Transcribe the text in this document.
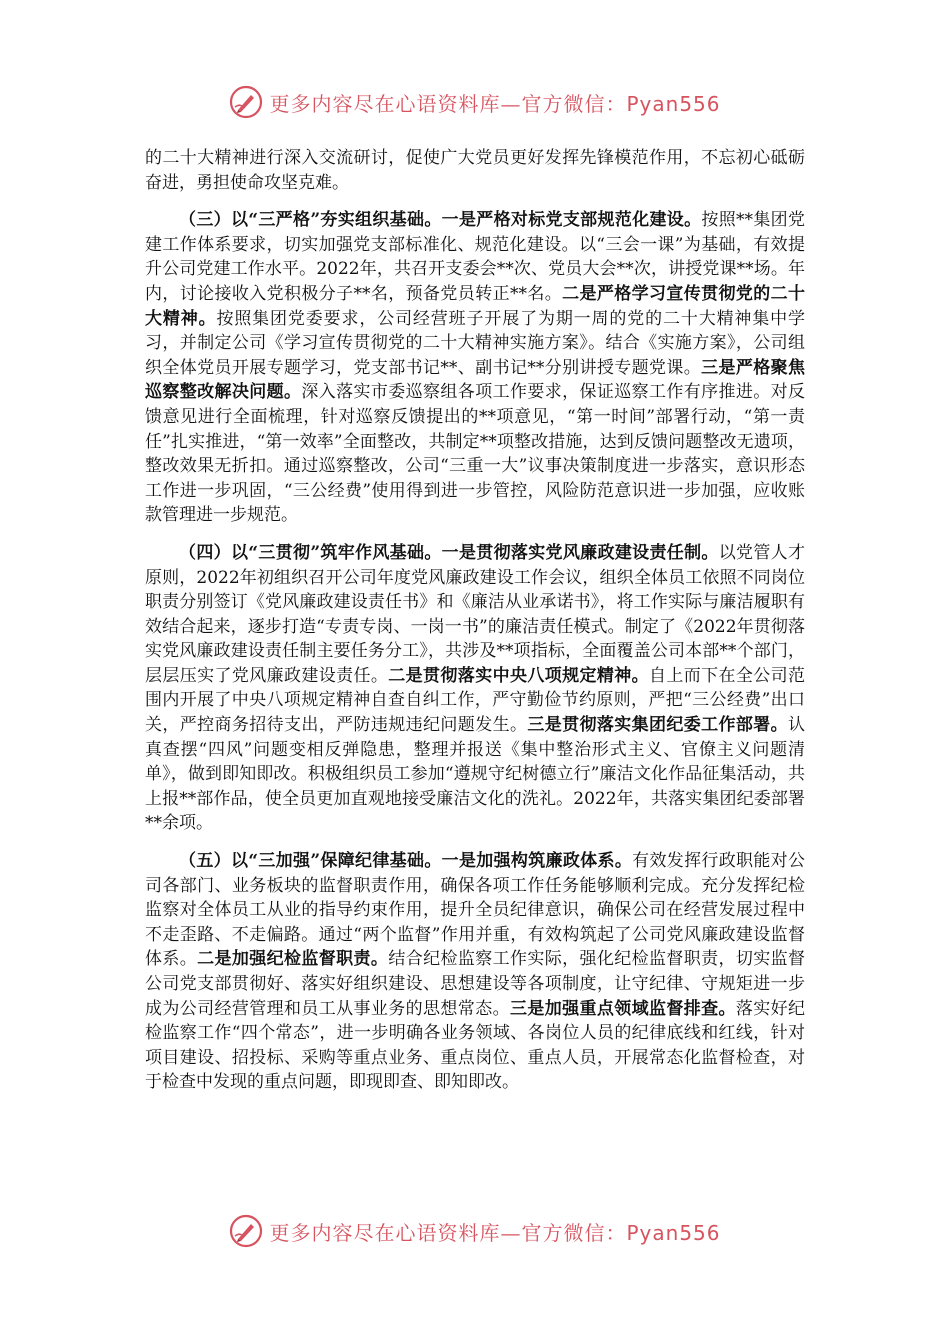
更多内容尽在心语资料库—官方微信：Pyan556

的二十大精神进行深入交流研讨，促使广大党员更好发挥先锋模范作用，不忘初心砥砺奋进，勇担使命攻坚克难。

（三）以“三严格”夯实组织基础。一是严格对标党支部规范化建设。按照**集团党建工作体系要求，切实加强党支部标准化、规范化建设。以“三会一课”为基础，有效提升公司党建工作水平。2022年，共召开支委会**次、党员大会**次，讲授党课**场。年内，讨论接收入党积极分子**名，预备党员转正**名。二是严格学习宣传贯彻党的二十大精神。按照集团党委要求，公司经营班子开展了为期一周的党的二十大精神集中学习，并制定公司《学习宣传贯彻党的二十大精神实施方案》。结合《实施方案》，公司组织全体党员开展专题学习，党支部书记**、副书记**分别讲授专题党课。三是严格聚焦巡察整改解决问题。深入落实市委巡察组各项工作要求，保证巡察工作有序推进。对反馈意见进行全面梳理，针对巡察反馈提出的**项意见，“第一时间”部署行动，“第一责任”扎实推进，“第一效率”全面整改，共制定**项整改措施，达到反馈问题整改无遗项，整改效果无折扣。通过巡察整改，公司“三重一大”议事决策制度进一步落实，意识形态工作进一步巩固，“三公经费”使用得到进一步管控，风险防范意识进一步加强，应收账款管理进一步规范。

（四）以“三贯彻”筑牢作风基础。一是贯彻落实党风廉政建设责任制。以党管人才原则，2022年初组织召开公司年度党风廉政建设工作会议，组织全体员工依照不同岗位职责分别签订《党风廉政建设责任书》和《廉洁从业承诺书》，将工作实际与廉洁履职有效结合起来，逐步打造“专责专岗、一岗一书”的廉洁责任模式。制定了《2022年贯彻落实党风廉政建设责任制主要任务分工》，共涉及**项指标，全面覆盖公司本部**个部门，层层压实了党风廉政建设责任。二是贯彻落实中央八项规定精神。自上而下在全公司范围内开展了中央八项规定精神自查自纠工作，严守勤俭节约原则，严把“三公经费”出口关，严控商务招待支出，严防违规违纪问题发生。三是贯彻落实集团纪委工作部署。认真查摆“四风”问题变相反弹隐患，整理并报送《集中整治形式主义、官僚主义问题清单》，做到即知即改。积极组织员工参加“遵规守纪树德立行”廉洁文化作品征集活动，共上报**部作品，使全员更加直观地接受廉洁文化的洗礼。2022年，共落实集团纪委部署**余项。

（五）以“三加强”保障纪律基础。一是加强构筑廉政体系。有效发挥行政职能对公司各部门、业务板块的监督职责作用，确保各项工作任务能够顺利完成。充分发挥纪检监察对全体员工从业的指导约束作用，提升全员纪律意识，确保公司在经营发展过程中不走歪路、不走偏路。通过“两个监督”作用并重，有效构筑起了公司党风廉政建设监督体系。二是加强纪检监督职责。结合纪检监察工作实际，强化纪检监督职责，切实监督公司党支部贯彻好、落实好组织建设、思想建设等各项制度，让守纪律、守规矩进一步成为公司经营管理和员工从事业务的思想常态。三是加强重点领域监督排查。落实好纪检监察工作“四个常态”，进一步明确各业务领域、各岗位人员的纪律底线和红线，针对项目建设、招投标、采购等重点业务、重点岗位、重点人员，开展常态化监督检查，对于检查中发现的重点问题，即现即查、即知即改。

更多内容尽在心语资料库—官方微信：Pyan556
